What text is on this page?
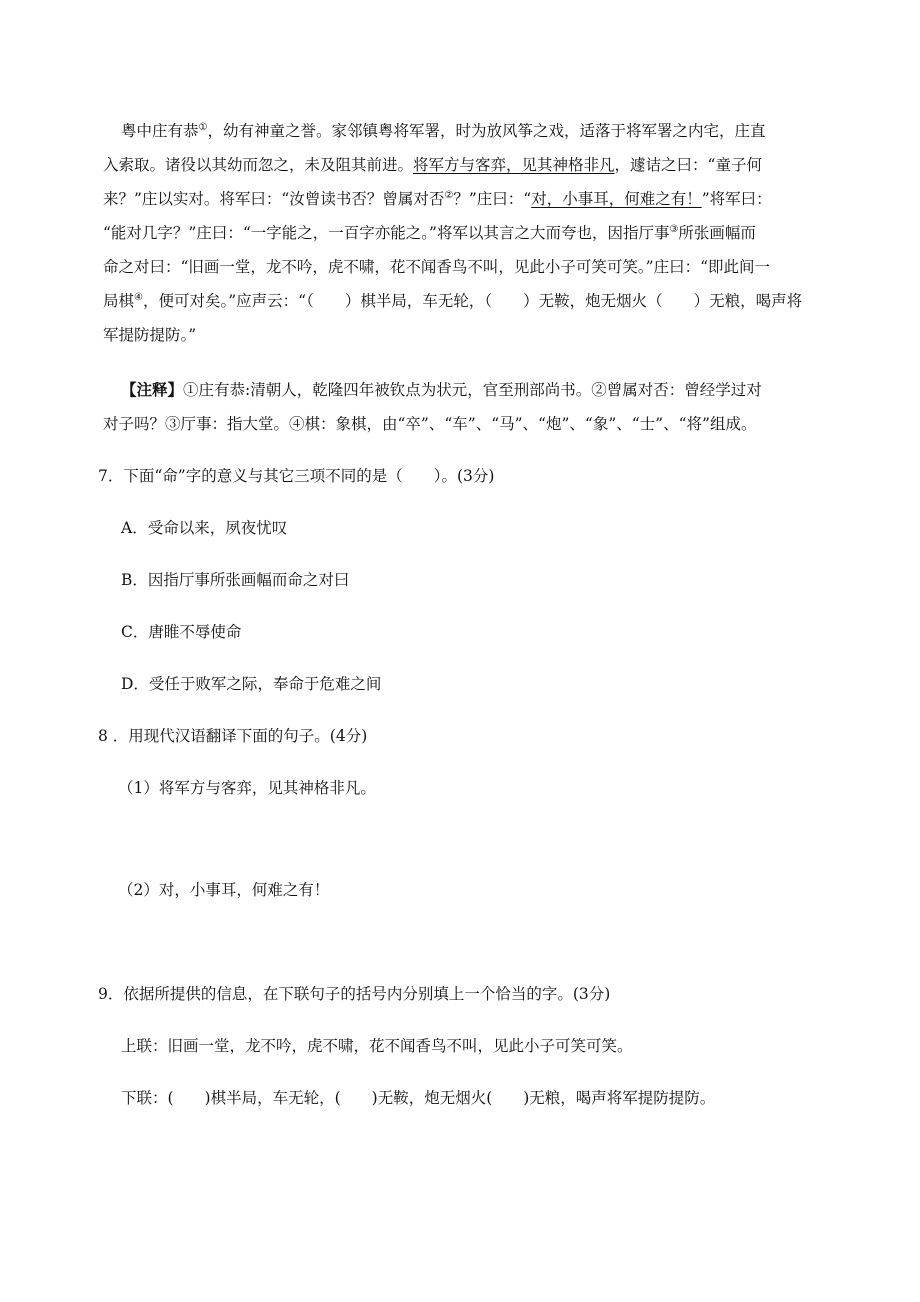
粤中庄有恭①，幼有神童之誉。家邻镇粤将军署，时为放风筝之戏，适落于将军署之内宅，庄直
入索取。诸役以其幼而忽之，未及阻其前进。将军方与客弈，见其神格非凡，遽诘之曰：“童子何
来？”庄以实对。将军曰：“汝曾读书否？曾属对否②？”庄曰：“对，小事耳，何难之有！”将军曰：
“能对几字？”庄曰：“一字能之，一百字亦能之。”将军以其言之大而夸也，因指厅事③所张画幅而
命之对曰：“旧画一堂，龙不吟，虎不啸，花不闻香鸟不叫，见此小子可笑可笑。”庄曰：“即此间一
局棋④，便可对矣。”应声云：“（　　）棋半局，车无轮，（　　）无鞍，炮无烟火（　　）无粮，喝声将
军提防提防。”
【注释】①庄有恭:清朝人，乾隆四年被钦点为状元，官至刑部尚书。②曾属对否：曾经学过对
对子吗？③厅事：指大堂。④棋：象棋，由“卒”、“车”、“马”、“炮”、“象”、“士”、“将”组成。
7．下面“命”字的意义与其它三项不同的是（　　）。(3分)
A．受命以来，夙夜忧叹
B．因指厅事所张画幅而命之对曰
C．唐睢不辱使命
D．受任于败军之际，奉命于危难之间
8 ．用现代汉语翻译下面的句子。(4分)
（1）将军方与客弈，见其神格非凡。
（2）对，小事耳，何难之有！
9．依据所提供的信息，在下联句子的括号内分别填上一个恰当的字。(3分)
上联：旧画一堂，龙不吟，虎不啸，花不闻香鸟不叫，见此小子可笑可笑。
下联：(　　)棋半局，车无轮，(　　)无鞍，炮无烟火(　　)无粮，喝声将军提防提防。
